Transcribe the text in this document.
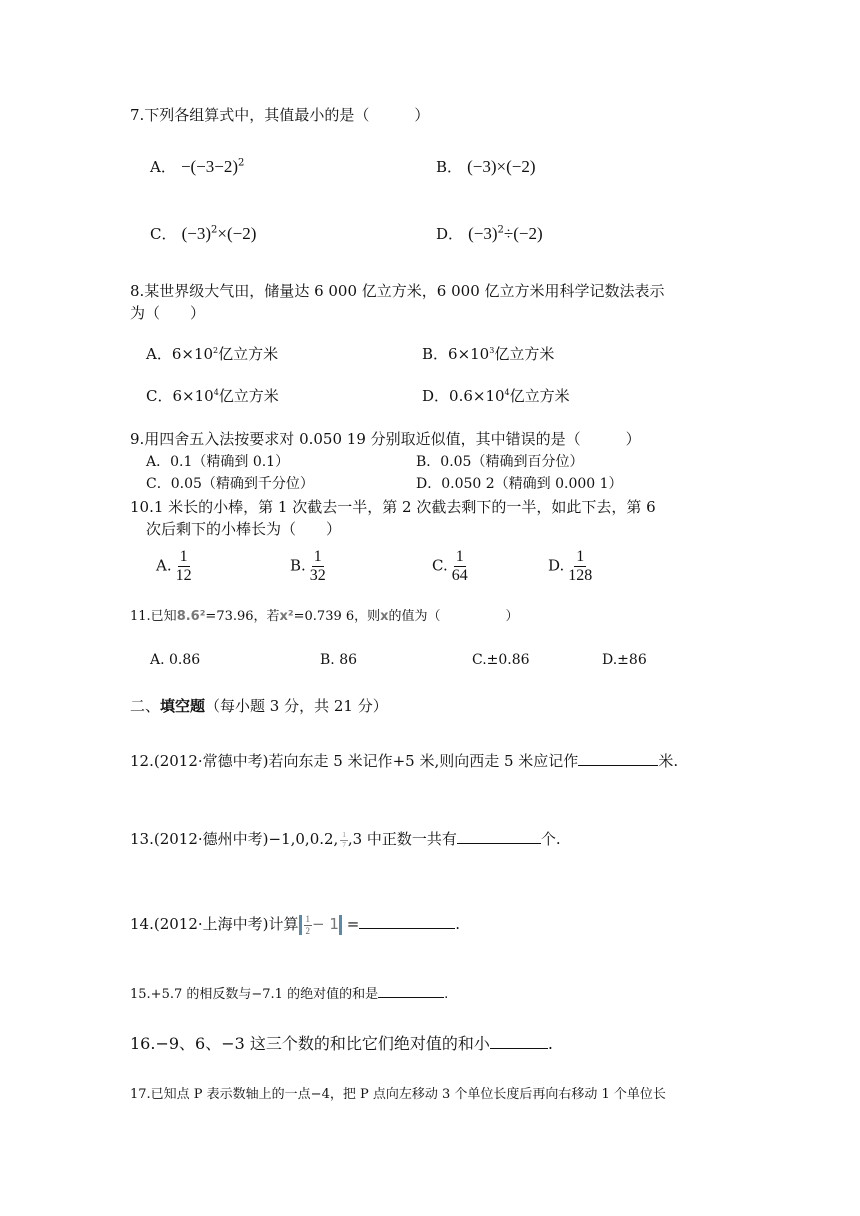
7.下列各组算式中，其值最小的是（　　　）
A． $-(-3-2)^2$	B． (−3)×(−2)
C． $(-3)^2\times(-2)$	D． $(-3)^2\div(-2)$
8.某世界级大气田，储量达 6 000 亿立方米，6 000 亿立方米用科学记数法表示
为（　　）
A．$6\times 10^2$亿立方米	B．$6\times 10^3$亿立方米
C．$6\times 10^4$亿立方米	D．$0.6\times 10^4$亿立方米
9.用四舍五入法按要求对 0.050 19 分别取近似值，其中错误的是（　　　）
A．0.1（精确到 0.1）	B．0.05（精确到百分位）
C．0.05（精确到千分位）	D．0.050 2（精确到 0.000 1）
10.1 米长的小棒，第 1 次截去一半，第 2 次截去剩下的一半，如此下去，第 6
次后剩下的小棒长为（　　）
A. $\frac{1}{12}$	B. $\frac{1}{32}$	C. $\frac{1}{64}$	D. $\frac{1}{128}$
11.已知8.6²=73.96，若x²=0.739 6，则x的值为（　　　　　）
A. 0.86	B. 86	C.±0.86	D.±86
二、填空题（每小题 3 分，共 21 分）
12.(2012·常德中考)若向东走 5 米记作+5 米,则向西走 5 米应记作	米.
13.(2012·德州中考)−1,0,0.2, $\frac{1}{7} ,3$ 中正数一共有	个.
14.(2012·上海中考)计算 $\frac{1}{2} - 1$ =	.
15.+5.7 的相反数与−7.1 的绝对值的和是	.
16.−9、6、−3 这三个数的和比它们绝对值的和小	.
17.已知点 P 表示数轴上的一点−4，把 P 点向左移动 3 个单位长度后再向右移动 1 个单位长
